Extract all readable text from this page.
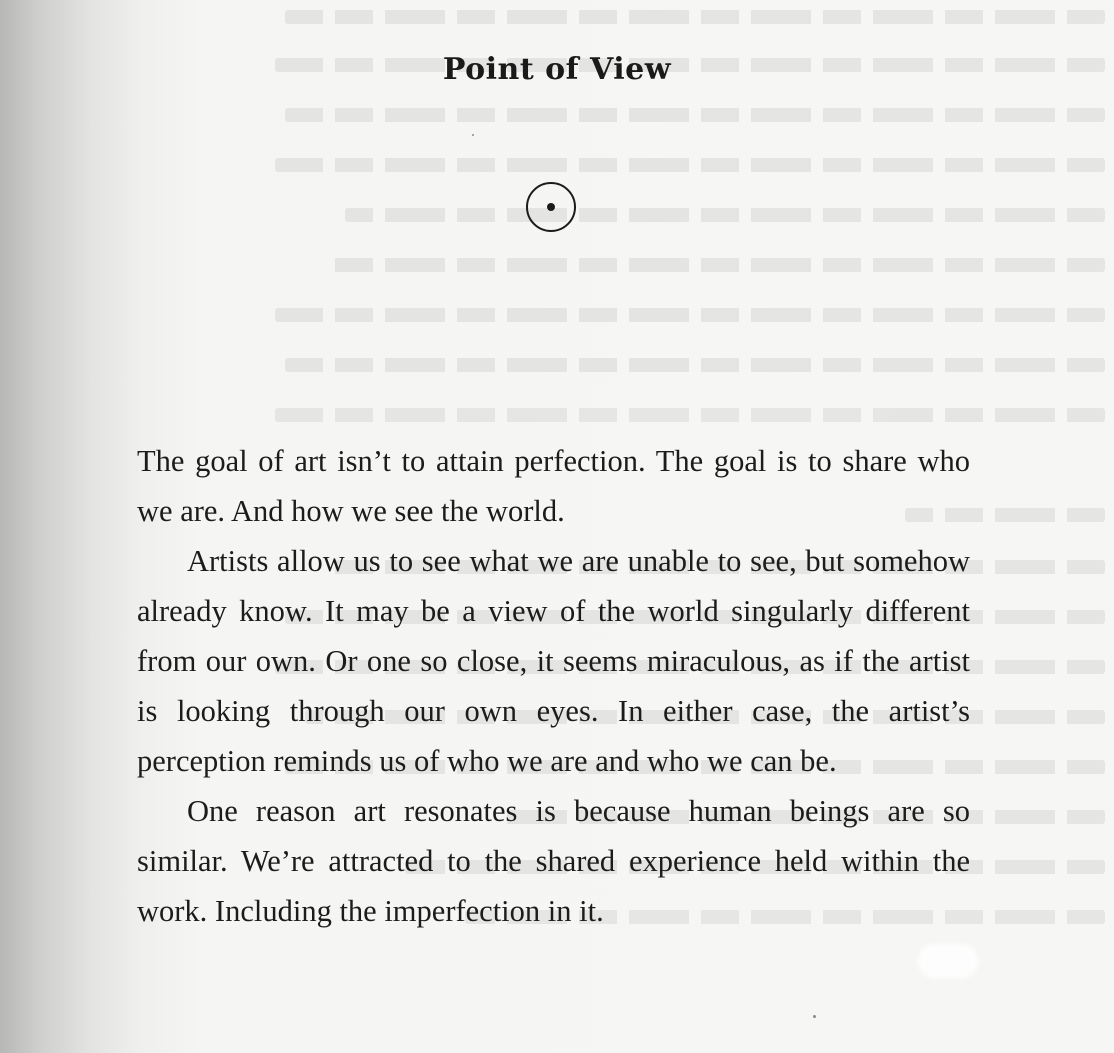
Point of View

The goal of art isn’t to attain perfection. The goal is to share who we are. And how we see the world.

Artists allow us to see what we are unable to see, but somehow already know. It may be a view of the world singularly different from our own. Or one so close, it seems miraculous, as if the artist is looking through our own eyes. In either case, the artist’s perception reminds us of who we are and who we can be.

One reason art resonates is because human beings are so similar. We’re attracted to the shared experience held within the work. Including the imperfection in it.
